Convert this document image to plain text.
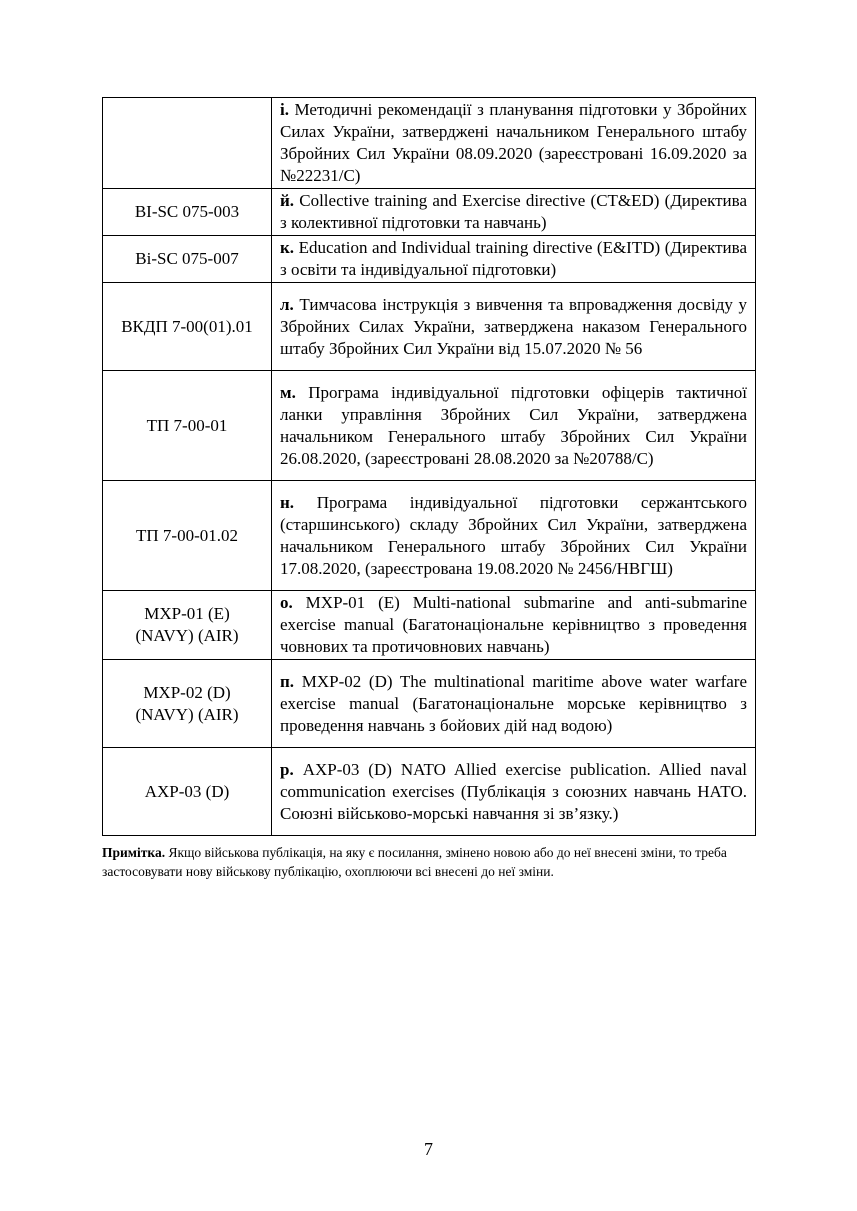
	і. Методичні рекомендації з планування підготовки у Збройних Силах України, затверджені начальником Генерального штабу Збройних Сил України 08.09.2020 (зареєстровані 16.09.2020 за №22231/С)

BI-SC 075-003	й. Collective training and Exercise directive (CT&ED) (Директива з колективної підготовки та навчань)

Bi-SC 075-007	к. Education and Individual training directive (E&ITD) (Директива з освіти та індивідуальної підготовки)

ВКДП 7-00(01).01	л. Тимчасова інструкція з вивчення та впровадження досвіду у Збройних Силах України, затверджена наказом Генерального штабу Збройних Сил України від 15.07.2020 № 56

ТП 7-00-01	м. Програма індивідуальної підготовки офіцерів тактичної ланки управління Збройних Сил України, затверджена начальником Генерального штабу Збройних Сил України 26.08.2020, (зареєстровані 28.08.2020 за №20788/С)

ТП 7-00-01.02	н. Програма індивідуальної підготовки сержантського (старшинського) складу Збройних Сил України, затверджена начальником Генерального штабу Збройних Сил України 17.08.2020, (зареєстрована 19.08.2020 № 2456/НВГШ)

MXP-01 (E)
(NAVY) (AIR)	о. MXP-01 (E) Multi-national submarine and anti-submarine exercise manual (Багатонаціональне керівництво з проведення човнових та протичовнових навчань)

MXP-02 (D)
(NAVY) (AIR)	п. MXP-02 (D) The multinational maritime above water warfare exercise manual (Багатонаціональне морське керівництво з проведення навчань з бойових дій над водою)

AXP-03 (D)	р. AXP-03 (D) NATO Allied exercise publication. Allied naval communication exercises (Публікація з союзних навчань НАТО. Союзні військово-морські навчання зі зв’язку.)
Примітка. Якщо військова публікація, на яку є посилання, змінено новою або до неї внесені зміни, то треба застосовувати нову військову публікацію, охоплюючи всі внесені до неї зміни.
7
